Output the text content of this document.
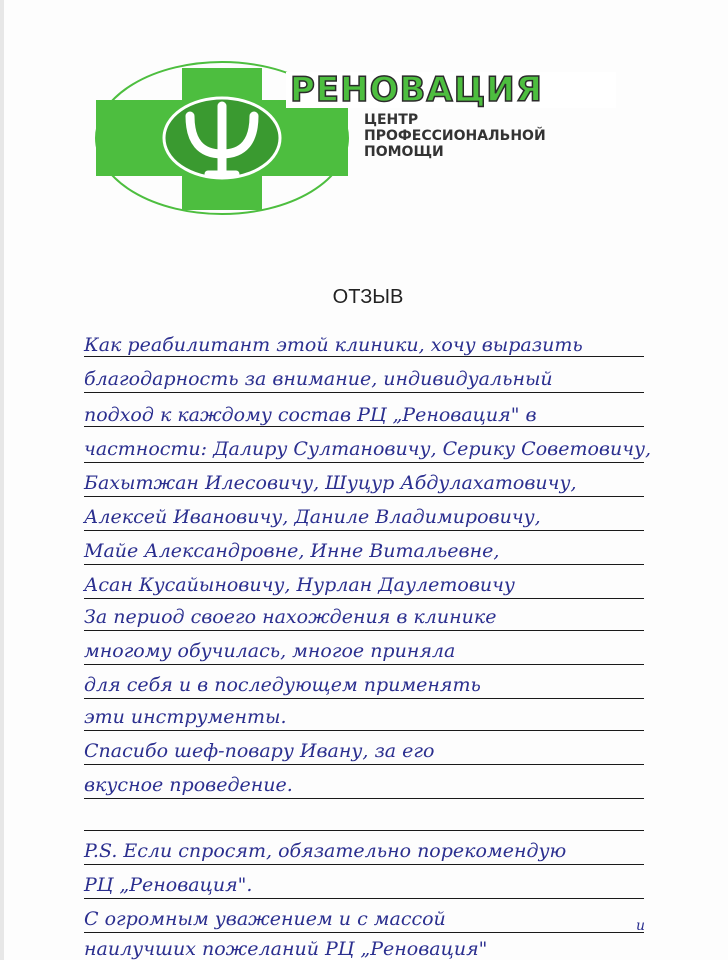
РЕНОВАЦИЯ
ЦЕНТР
ПРОФЕССИОНАЛЬНОЙ
ПОМОЩИ
ОТЗЫВ
Как реабилитант этой клиники, хочу выразить
благодарность за внимание, индивидуальный
подход к каждому состав РЦ „Реновация" в
частности: Далиру Султановичу, Серику Советовичу,
Бахытжан Илесовичу, Шуцур Абдулахатовичу,
Алексей Ивановичу, Даниле Владимировичу,
Майе Александровне, Инне Витальевне,
Асан Кусайыновичу, Нурлан Даулетовичу
За период своего нахождения в клинике
многому обучилась, многое приняла
для себя и в последующем применять
эти инструменты.
Спасибо шеф-повару Ивану, за его
вкусное проведение.
P.S. Если спросят, обязательно порекомендую
РЦ „Реновация".
С огромным уважением и с массой
наилучших пожеланий РЦ „Реновация"
и
